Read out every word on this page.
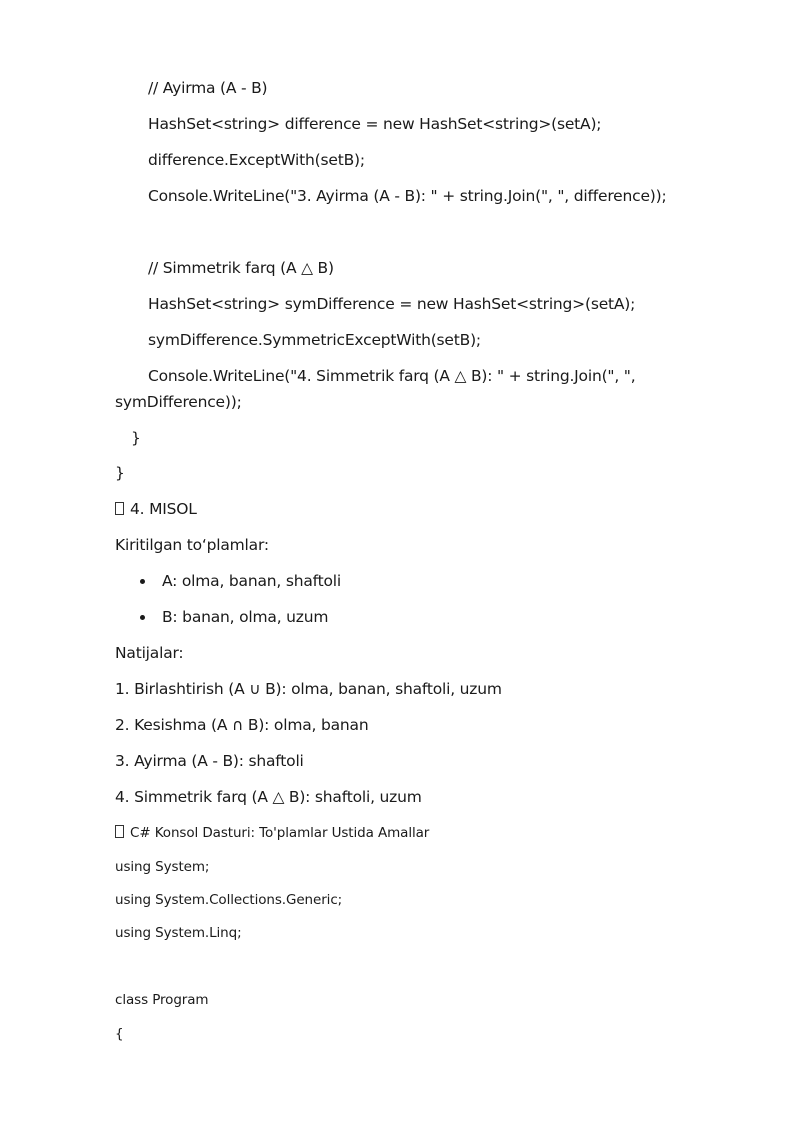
// Ayirma (A - B)
HashSet<string> difference = new HashSet<string>(setA);
difference.ExceptWith(setB);
Console.WriteLine("3. Ayirma (A - B): " + string.Join(", ", difference));
// Simmetrik farq (A △ B)
HashSet<string> symDifference = new HashSet<string>(setA);
symDifference.SymmetricExceptWith(setB);
Console.WriteLine("4. Simmetrik farq (A △ B): " + string.Join(", ",
symDifference));
}
}
4. MISOL
Kiritilgan to‘plamlar:
A: olma, banan, shaftoli
B: banan, olma, uzum
Natijalar:
1. Birlashtirish (A ∪ B): olma, banan, shaftoli, uzum
2. Kesishma (A ∩ B): olma, banan
3. Ayirma (A - B): shaftoli
4. Simmetrik farq (A △ B): shaftoli, uzum
C# Konsol Dasturi: To'plamlar Ustida Amallar
using System;
using System.Collections.Generic;
using System.Linq;
class Program
{
